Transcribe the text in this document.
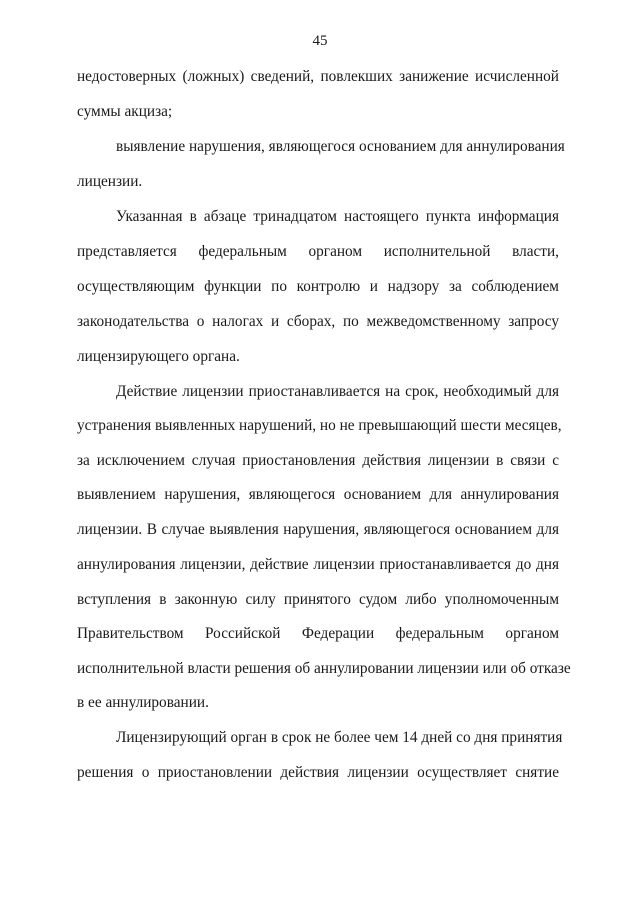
45
недостоверных (ложных) сведений, повлекших занижение исчисленной
суммы акциза;
выявление нарушения, являющегося основанием для аннулирования
лицензии.
Указанная в абзаце тринадцатом настоящего пункта информация
представляется федеральным органом исполнительной власти,
осуществляющим функции по контролю и надзору за соблюдением
законодательства о налогах и сборах, по межведомственному запросу
лицензирующего органа.
Действие лицензии приостанавливается на срок, необходимый для
устранения выявленных нарушений, но не превышающий шести месяцев,
за исключением случая приостановления действия лицензии в связи с
выявлением нарушения, являющегося основанием для аннулирования
лицензии. В случае выявления нарушения, являющегося основанием для
аннулирования лицензии, действие лицензии приостанавливается до дня
вступления в законную силу принятого судом либо уполномоченным
Правительством Российской Федерации федеральным органом
исполнительной власти решения об аннулировании лицензии или об отказе
в ее аннулировании.
Лицензирующий орган в срок не более чем 14 дней со дня принятия
решения о приостановлении действия лицензии осуществляет снятие
